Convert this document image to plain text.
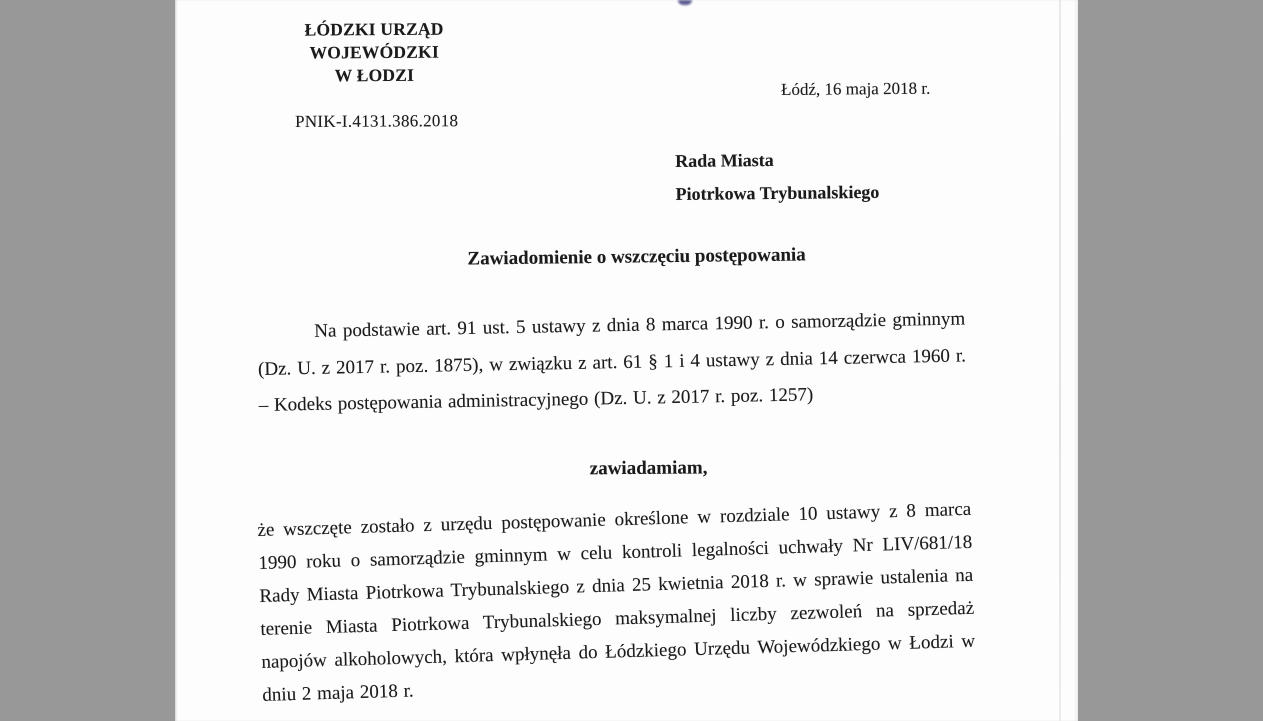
ŁÓDZKI URZĄD WOJEWÓDZKI
W ŁODZI
Łódź, 16 maja 2018 r.
PNIK-I.4131.386.2018
Rada Miasta
Piotrkowa Trybunalskiego
Zawiadomienie o wszczęciu postępowania
Na podstawie art. 91 ust. 5 ustawy z dnia 8 marca 1990 r. o samorządzie gminnym (Dz. U. z 2017 r. poz. 1875), w związku z art. 61 § 1 i 4 ustawy z dnia 14 czerwca 1960 r. – Kodeks postępowania administracyjnego (Dz. U. z 2017 r. poz. 1257)
zawiadamiam,
że wszczęte zostało z urzędu postępowanie określone w rozdziale 10 ustawy z 8 marca 1990 roku o samorządzie gminnym w celu kontroli legalności uchwały Nr LIV/681/18 Rady Miasta Piotrkowa Trybunalskiego z dnia 25 kwietnia 2018 r. w sprawie ustalenia na terenie Miasta Piotrkowa Trybunalskiego maksymalnej liczby zezwoleń na sprzedaż napojów alkoholowych, która wpłynęła do Łódzkiego Urzędu Wojewódzkiego w Łodzi w dniu 2 maja 2018 r.
